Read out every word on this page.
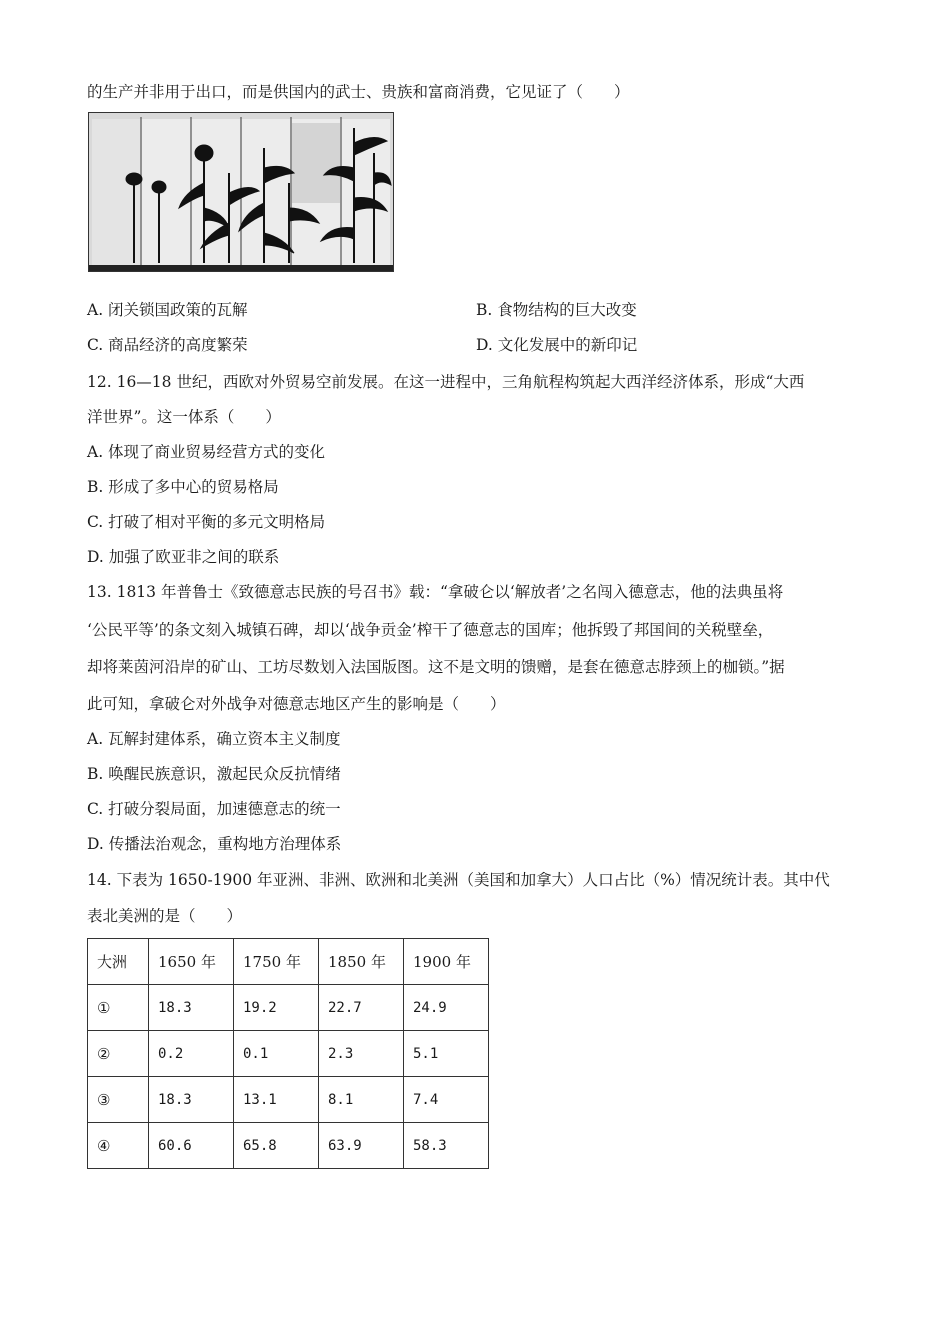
的生产并非用于出口，而是供国内的武士、贵族和富商消费，它见证了（　　）
A. 闭关锁国政策的瓦解	B. 食物结构的巨大改变
C. 商品经济的高度繁荣	D. 文化发展中的新印记
12. 16—18 世纪，西欧对外贸易空前发展。在这一进程中，三角航程构筑起大西洋经济体系，形成“大西
洋世界”。这一体系（　　）
A. 体现了商业贸易经营方式的变化
B. 形成了多中心的贸易格局
C. 打破了相对平衡的多元文明格局
D. 加强了欧亚非之间的联系
13. 1813 年普鲁士《致德意志民族的号召书》载：“拿破仑以‘解放者’之名闯入德意志，他的法典虽将
‘公民平等’的条文刻入城镇石碑，却以‘战争贡金’榨干了德意志的国库；他拆毁了邦国间的关税壁垒，
却将莱茵河沿岸的矿山、工坊尽数划入法国版图。这不是文明的馈赠，是套在德意志脖颈上的枷锁。”据
此可知，拿破仑对外战争对德意志地区产生的影响是（　　）
A. 瓦解封建体系，确立资本主义制度
B. 唤醒民族意识，激起民众反抗情绪
C. 打破分裂局面，加速德意志的统一
D. 传播法治观念，重构地方治理体系
14. 下表为 1650-1900 年亚洲、非洲、欧洲和北美洲（美国和加拿大）人口占比（%）情况统计表。其中代
表北美洲的是（　　）
大洲	1650 年	1750 年	1850 年	1900 年
①	18.3	19.2	22.7	24.9
②	0.2	0.1	2.3	5.1
③	18.3	13.1	8.1	7.4
④	60.6	65.8	63.9	58.3
